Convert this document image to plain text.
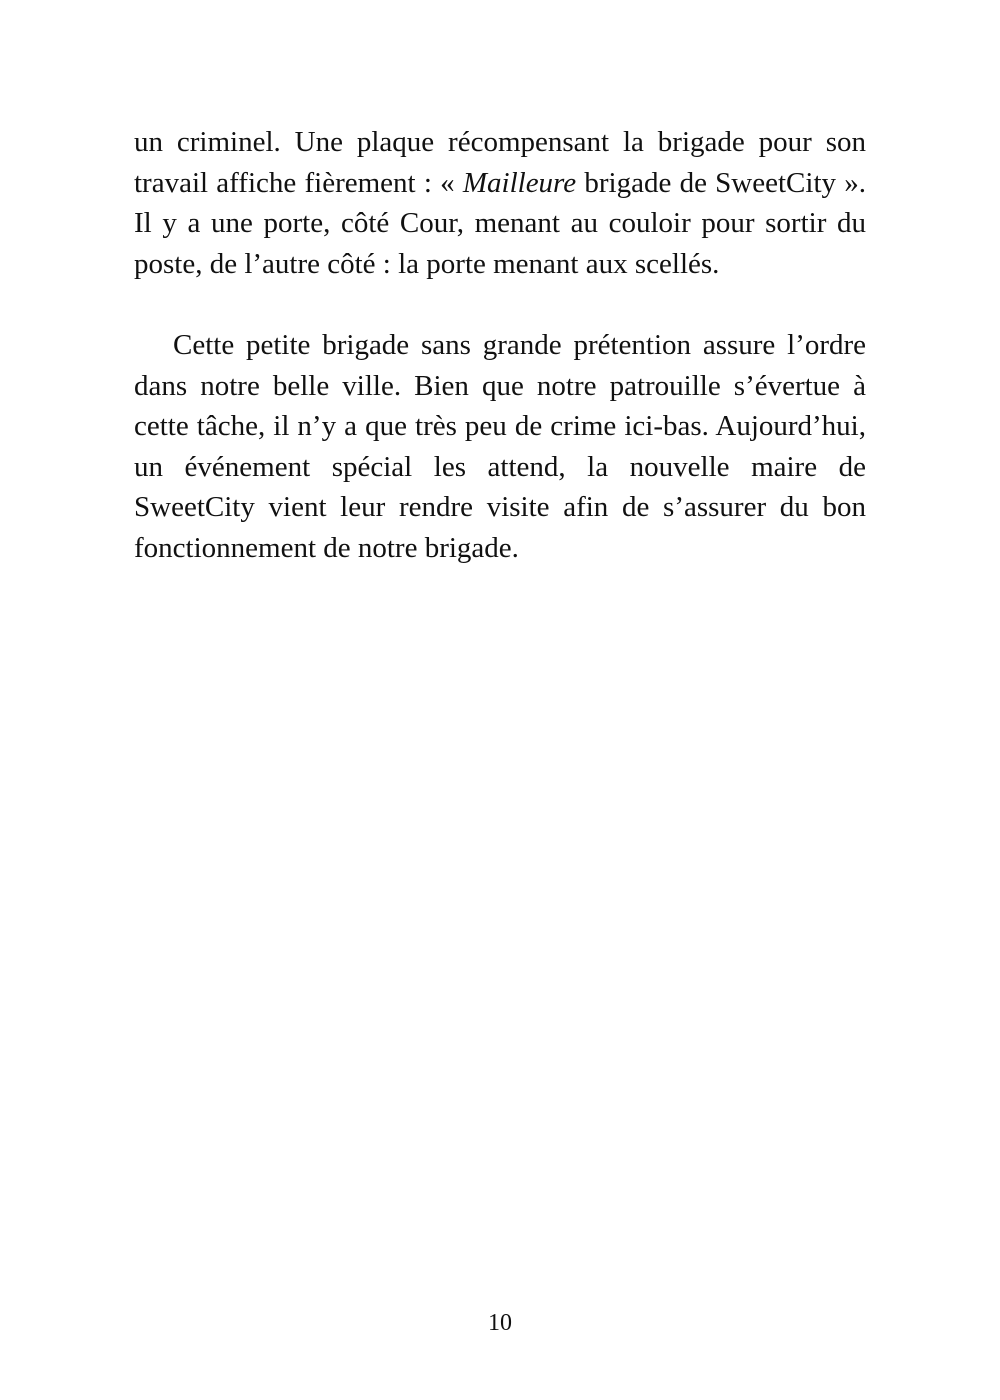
un criminel. Une plaque récompensant la brigade pour son travail affiche fièrement : « Mailleure brigade de SweetCity ». Il y a une porte, côté Cour, menant au couloir pour sortir du poste, de l’autre côté : la porte menant aux scellés.

Cette petite brigade sans grande prétention assure l’ordre dans notre belle ville. Bien que notre patrouille s’évertue à cette tâche, il n’y a que très peu de crime ici-bas. Aujourd’hui, un événement spécial les attend, la nouvelle maire de SweetCity vient leur rendre visite afin de s’assurer du bon fonctionnement de notre brigade.

10
